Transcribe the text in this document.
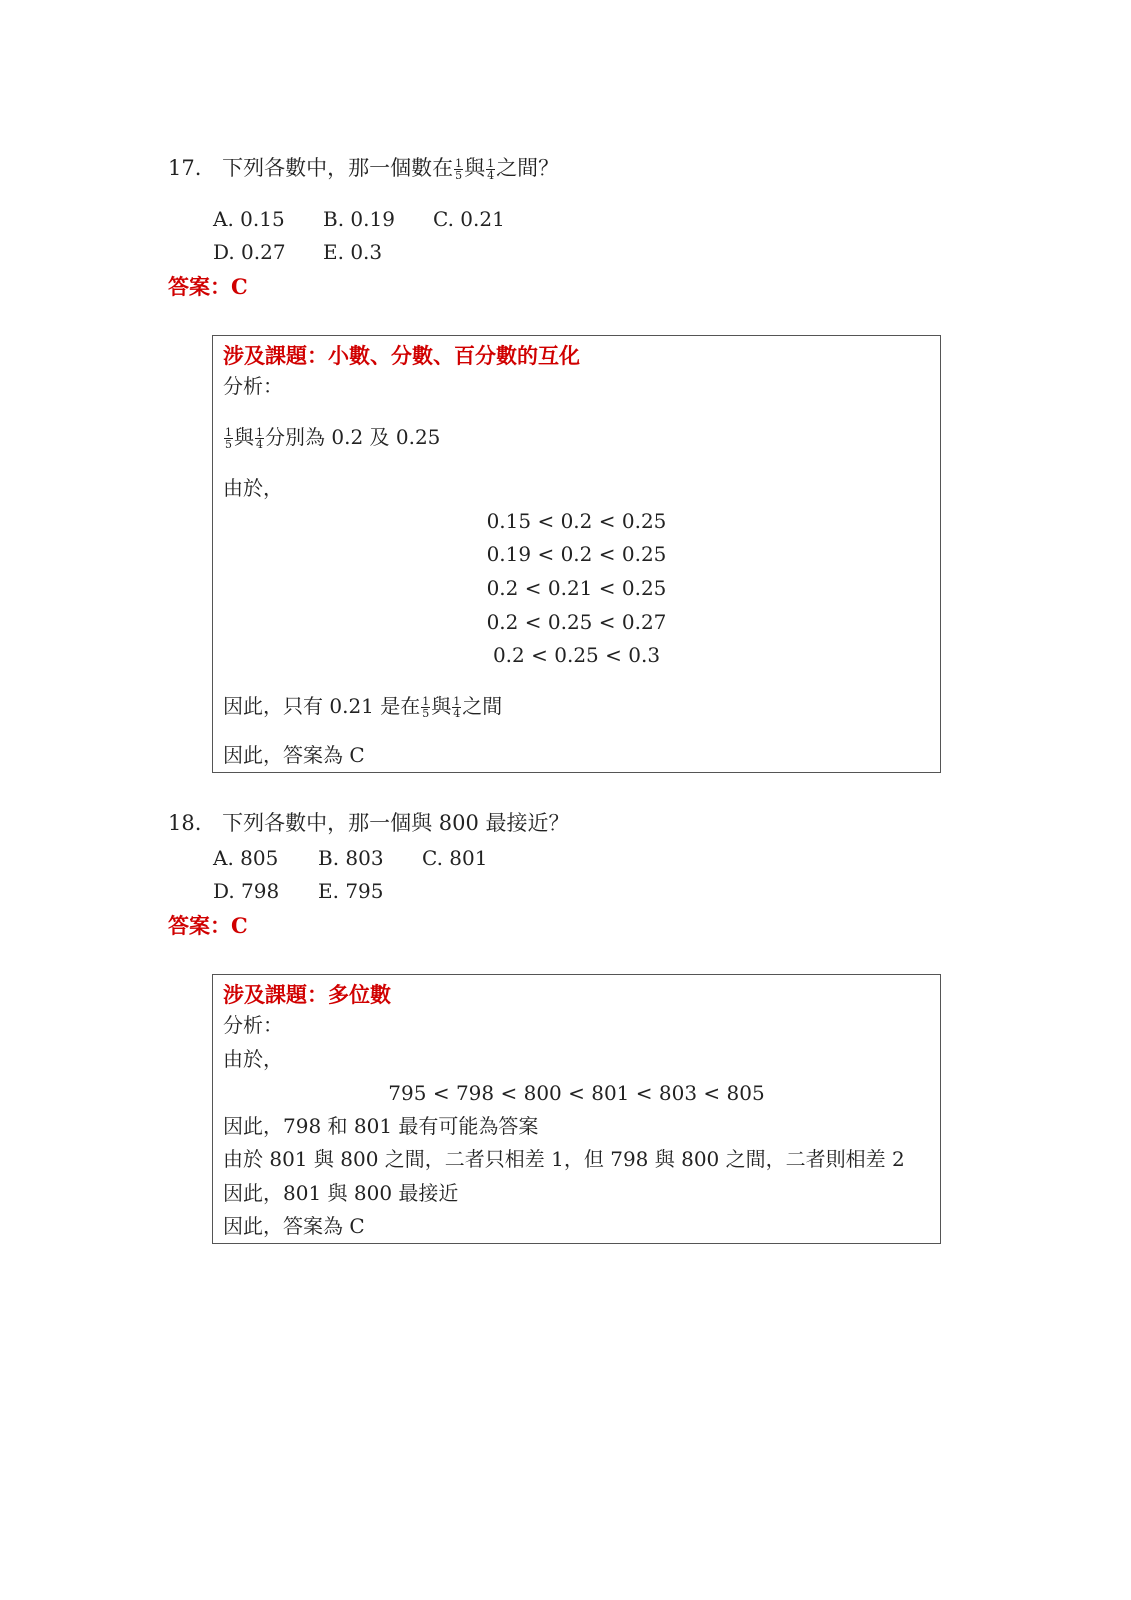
17. 下列各數中，那一個數在 $\frac{1}{5}$ 與 $\frac{1}{4}$ 之間？
A. 0.15 B. 0.19 C. 0.21
D. 0.27 E. 0.3
答案：C
涉及課題：小數、分數、百分數的互化
分析：
$\frac{1}{5}$ 與 $\frac{1}{4}$ 分別為 0.2 及 0.25
由於，
0.15 < 0.2 < 0.25
0.19 < 0.2 < 0.25
0.2 < 0.21 < 0.25
0.2 < 0.25 < 0.27
0.2 < 0.25 < 0.3
因此，只有 0.21 是在 $\frac{1}{5}$ 與 $\frac{1}{4}$ 之間
因此，答案為 C
18. 下列各數中，那一個與 800 最接近？
A. 805 B. 803 C. 801
D. 798 E. 795
答案：C
涉及課題：多位數
分析：
由於，
795 < 798 < 800 < 801 < 803 < 805
因此，798 和 801 最有可能為答案
由於 801 與 800 之間，二者只相差 1，但 798 與 800 之間，二者則相差 2
因此，801 與 800 最接近
因此，答案為 C
